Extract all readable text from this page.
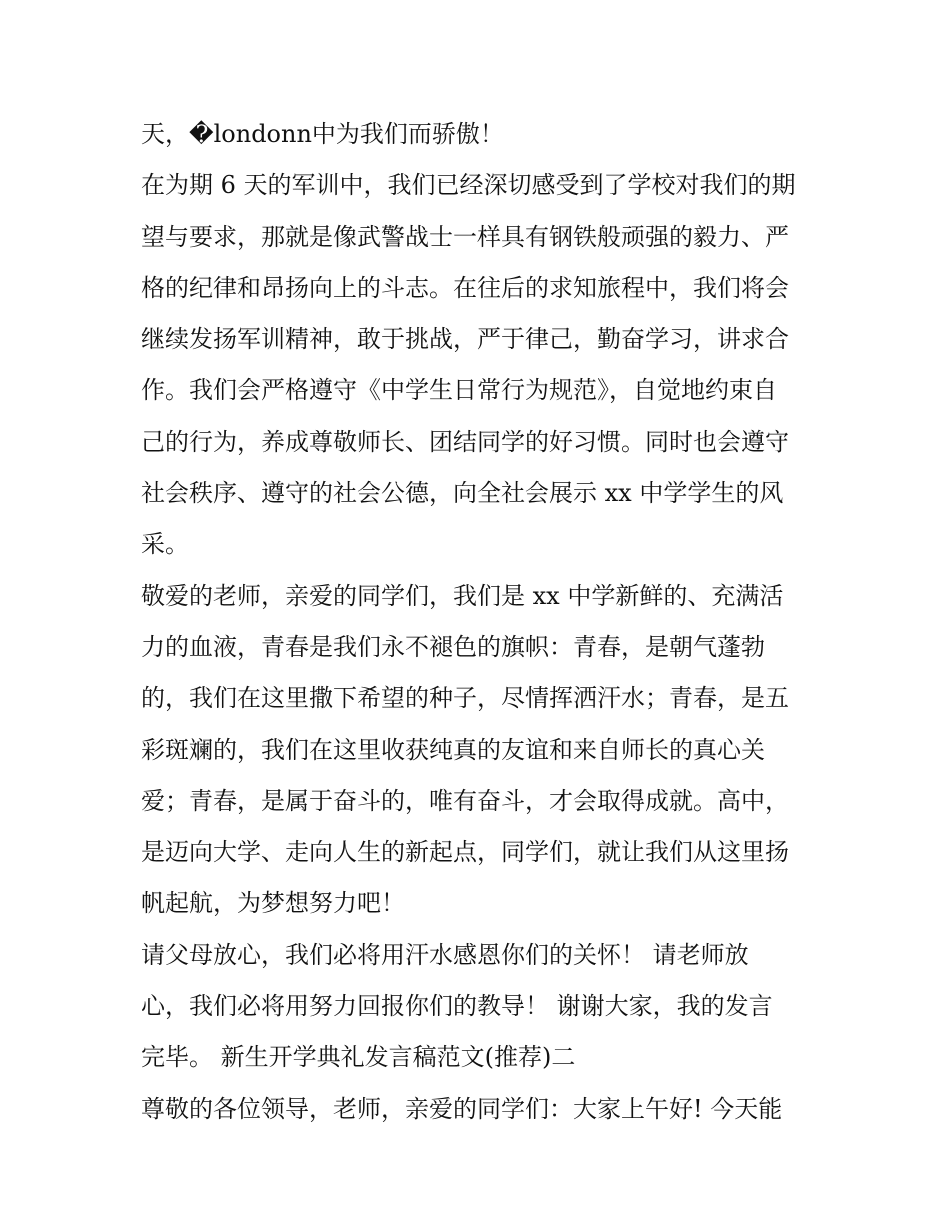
天，�londonn中为我们而骄傲！
在为期 6 天的军训中，我们已经深切感受到了学校对我们的期
望与要求，那就是像武警战士一样具有钢铁般顽强的毅力、严
格的纪律和昂扬向上的斗志。在往后的求知旅程中，我们将会
继续发扬军训精神，敢于挑战，严于律己，勤奋学习，讲求合
作。我们会严格遵守《中学生日常行为规范》，自觉地约束自
己的行为，养成尊敬师长、团结同学的好习惯。同时也会遵守
社会秩序、遵守的社会公德，向全社会展示 xx 中学学生的风
采。
敬爱的老师，亲爱的同学们，我们是 xx 中学新鲜的、充满活
力的血液，青春是我们永不褪色的旗帜：青春，是朝气蓬勃
的，我们在这里撒下希望的种子，尽情挥洒汗水；青春，是五
彩斑斓的，我们在这里收获纯真的友谊和来自师长的真心关
爱；青春，是属于奋斗的，唯有奋斗，才会取得成就。高中，
是迈向大学、走向人生的新起点，同学们，就让我们从这里扬
帆起航，为梦想努力吧！
请父母放心，我们必将用汗水感恩你们的关怀！ 请老师放
心，我们必将用努力回报你们的教导！ 谢谢大家，我的发言
完毕。 新生开学典礼发言稿范文(推荐)二
尊敬的各位领导，老师，亲爱的同学们：大家上午好! 今天能
